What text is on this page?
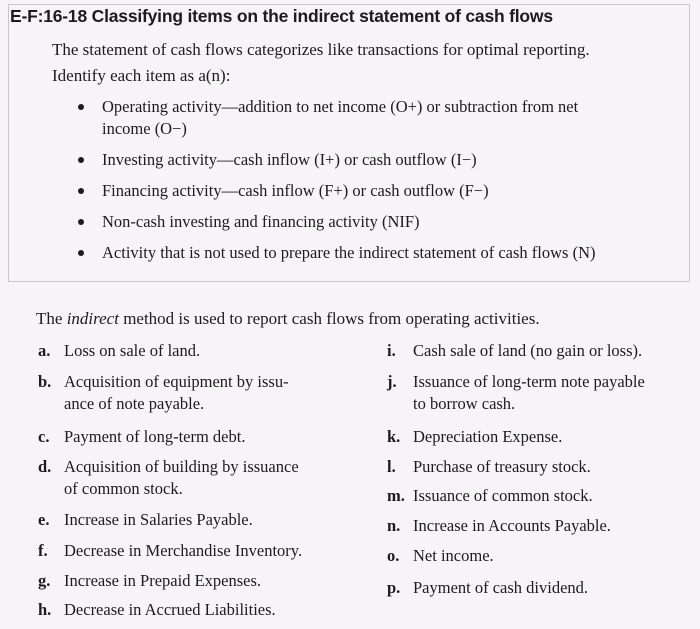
E-F:16-18 Classifying items on the indirect statement of cash flows
The statement of cash flows categorizes like transactions for optimal reporting.
Identify each item as a(n):
Operating activity—addition to net income (O+) or subtraction from net
income (O−)
Investing activity—cash inflow (I+) or cash outflow (I−)
Financing activity—cash inflow (F+) or cash outflow (F−)
Non-cash investing and financing activity (NIF)
Activity that is not used to prepare the indirect statement of cash flows (N)
The indirect method is used to report cash flows from operating activities.
a. Loss on sale of land.
b. Acquisition of equipment by issu-
ance of note payable.
c. Payment of long-term debt.
d. Acquisition of building by issuance
of common stock.
e. Increase in Salaries Payable.
f. Decrease in Merchandise Inventory.
g. Increase in Prepaid Expenses.
h. Decrease in Accrued Liabilities.
i. Cash sale of land (no gain or loss).
j. Issuance of long-term note payable
to borrow cash.
k. Depreciation Expense.
l. Purchase of treasury stock.
m. Issuance of common stock.
n. Increase in Accounts Payable.
o. Net income.
p. Payment of cash dividend.
